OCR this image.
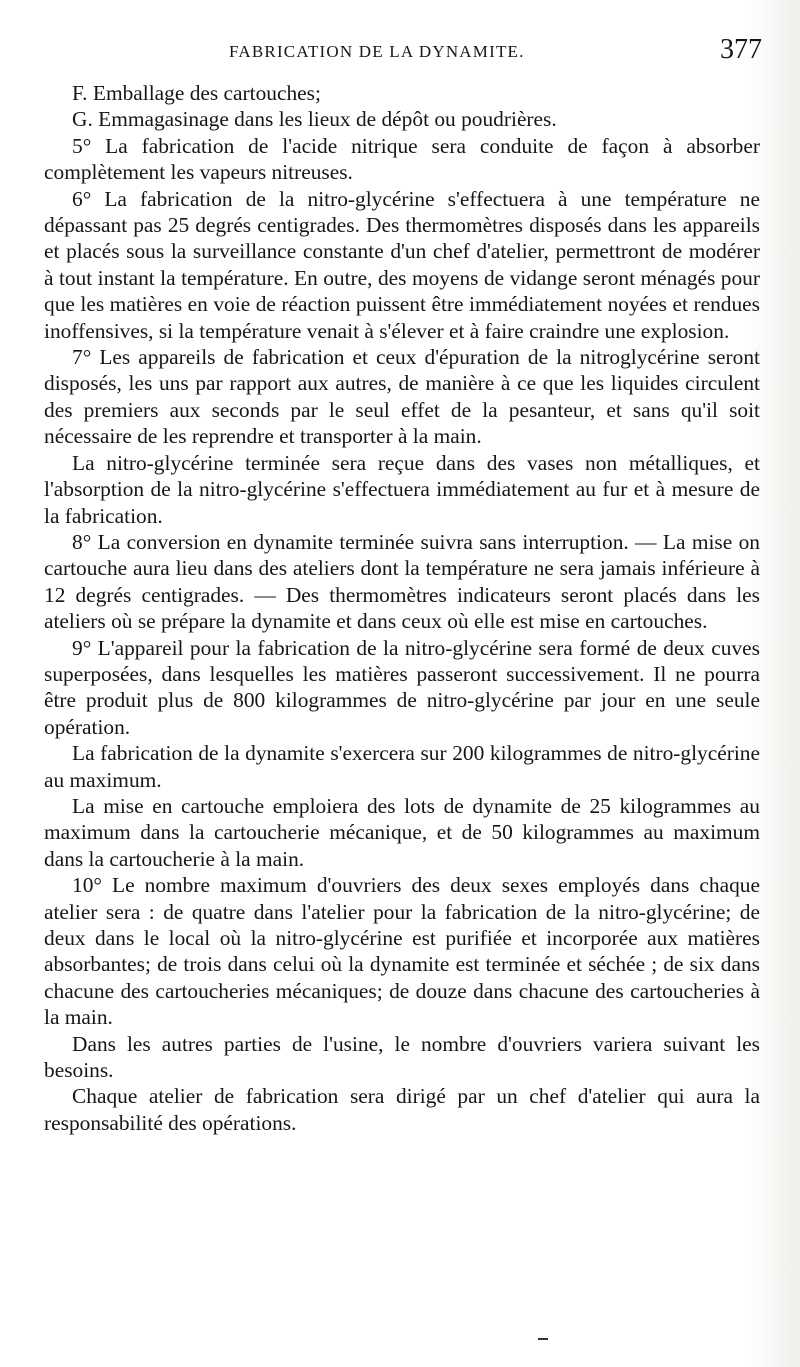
FABRICATION DE LA DYNAMITE.	377

F. Emballage des cartouches;

G. Emmagasinage dans les lieux de dépôt ou poudrières.

5° La fabrication de l'acide nitrique sera conduite de façon à absorber complètement les vapeurs nitreuses.

6° La fabrication de la nitro-glycérine s'effectuera à une température ne dépassant pas 25 degrés centigrades. Des thermomètres disposés dans les appareils et placés sous la surveillance constante d'un chef d'atelier, permettront de modérer à tout instant la température. En outre, des moyens de vidange seront ménagés pour que les matières en voie de réaction puissent être immédiatement noyées et rendues inoffensives, si la température venait à s'élever et à faire craindre une explosion.

7° Les appareils de fabrication et ceux d'épuration de la nitroglycérine seront disposés, les uns par rapport aux autres, de manière à ce que les liquides circulent des premiers aux seconds par le seul effet de la pesanteur, et sans qu'il soit nécessaire de les reprendre et transporter à la main.

La nitro-glycérine terminée sera reçue dans des vases non métalliques, et l'absorption de la nitro-glycérine s'effectuera immédiatement au fur et à mesure de la fabrication.

8° La conversion en dynamite terminée suivra sans interruption. — La mise on cartouche aura lieu dans des ateliers dont la température ne sera jamais inférieure à 12 degrés centigrades. — Des thermomètres indicateurs seront placés dans les ateliers où se prépare la dynamite et dans ceux où elle est mise en cartouches.

9° L'appareil pour la fabrication de la nitro-glycérine sera formé de deux cuves superposées, dans lesquelles les matières passeront successivement. Il ne pourra être produit plus de 800 kilogrammes de nitro-glycérine par jour en une seule opération.

La fabrication de la dynamite s'exercera sur 200 kilogrammes de nitro-glycérine au maximum.

La mise en cartouche emploiera des lots de dynamite de 25 kilogrammes au maximum dans la cartoucherie mécanique, et de 50 kilogrammes au maximum dans la cartoucherie à la main.

10° Le nombre maximum d'ouvriers des deux sexes employés dans chaque atelier sera : de quatre dans l'atelier pour la fabrication de la nitro-glycérine; de deux dans le local où la nitro-glycérine est purifiée et incorporée aux matières absorbantes; de trois dans celui où la dynamite est terminée et séchée ; de six dans chacune des cartoucheries mécaniques; de douze dans chacune des cartoucheries à la main.

Dans les autres parties de l'usine, le nombre d'ouvriers variera suivant les besoins.

Chaque atelier de fabrication sera dirigé par un chef d'atelier qui aura la responsabilité des opérations.
